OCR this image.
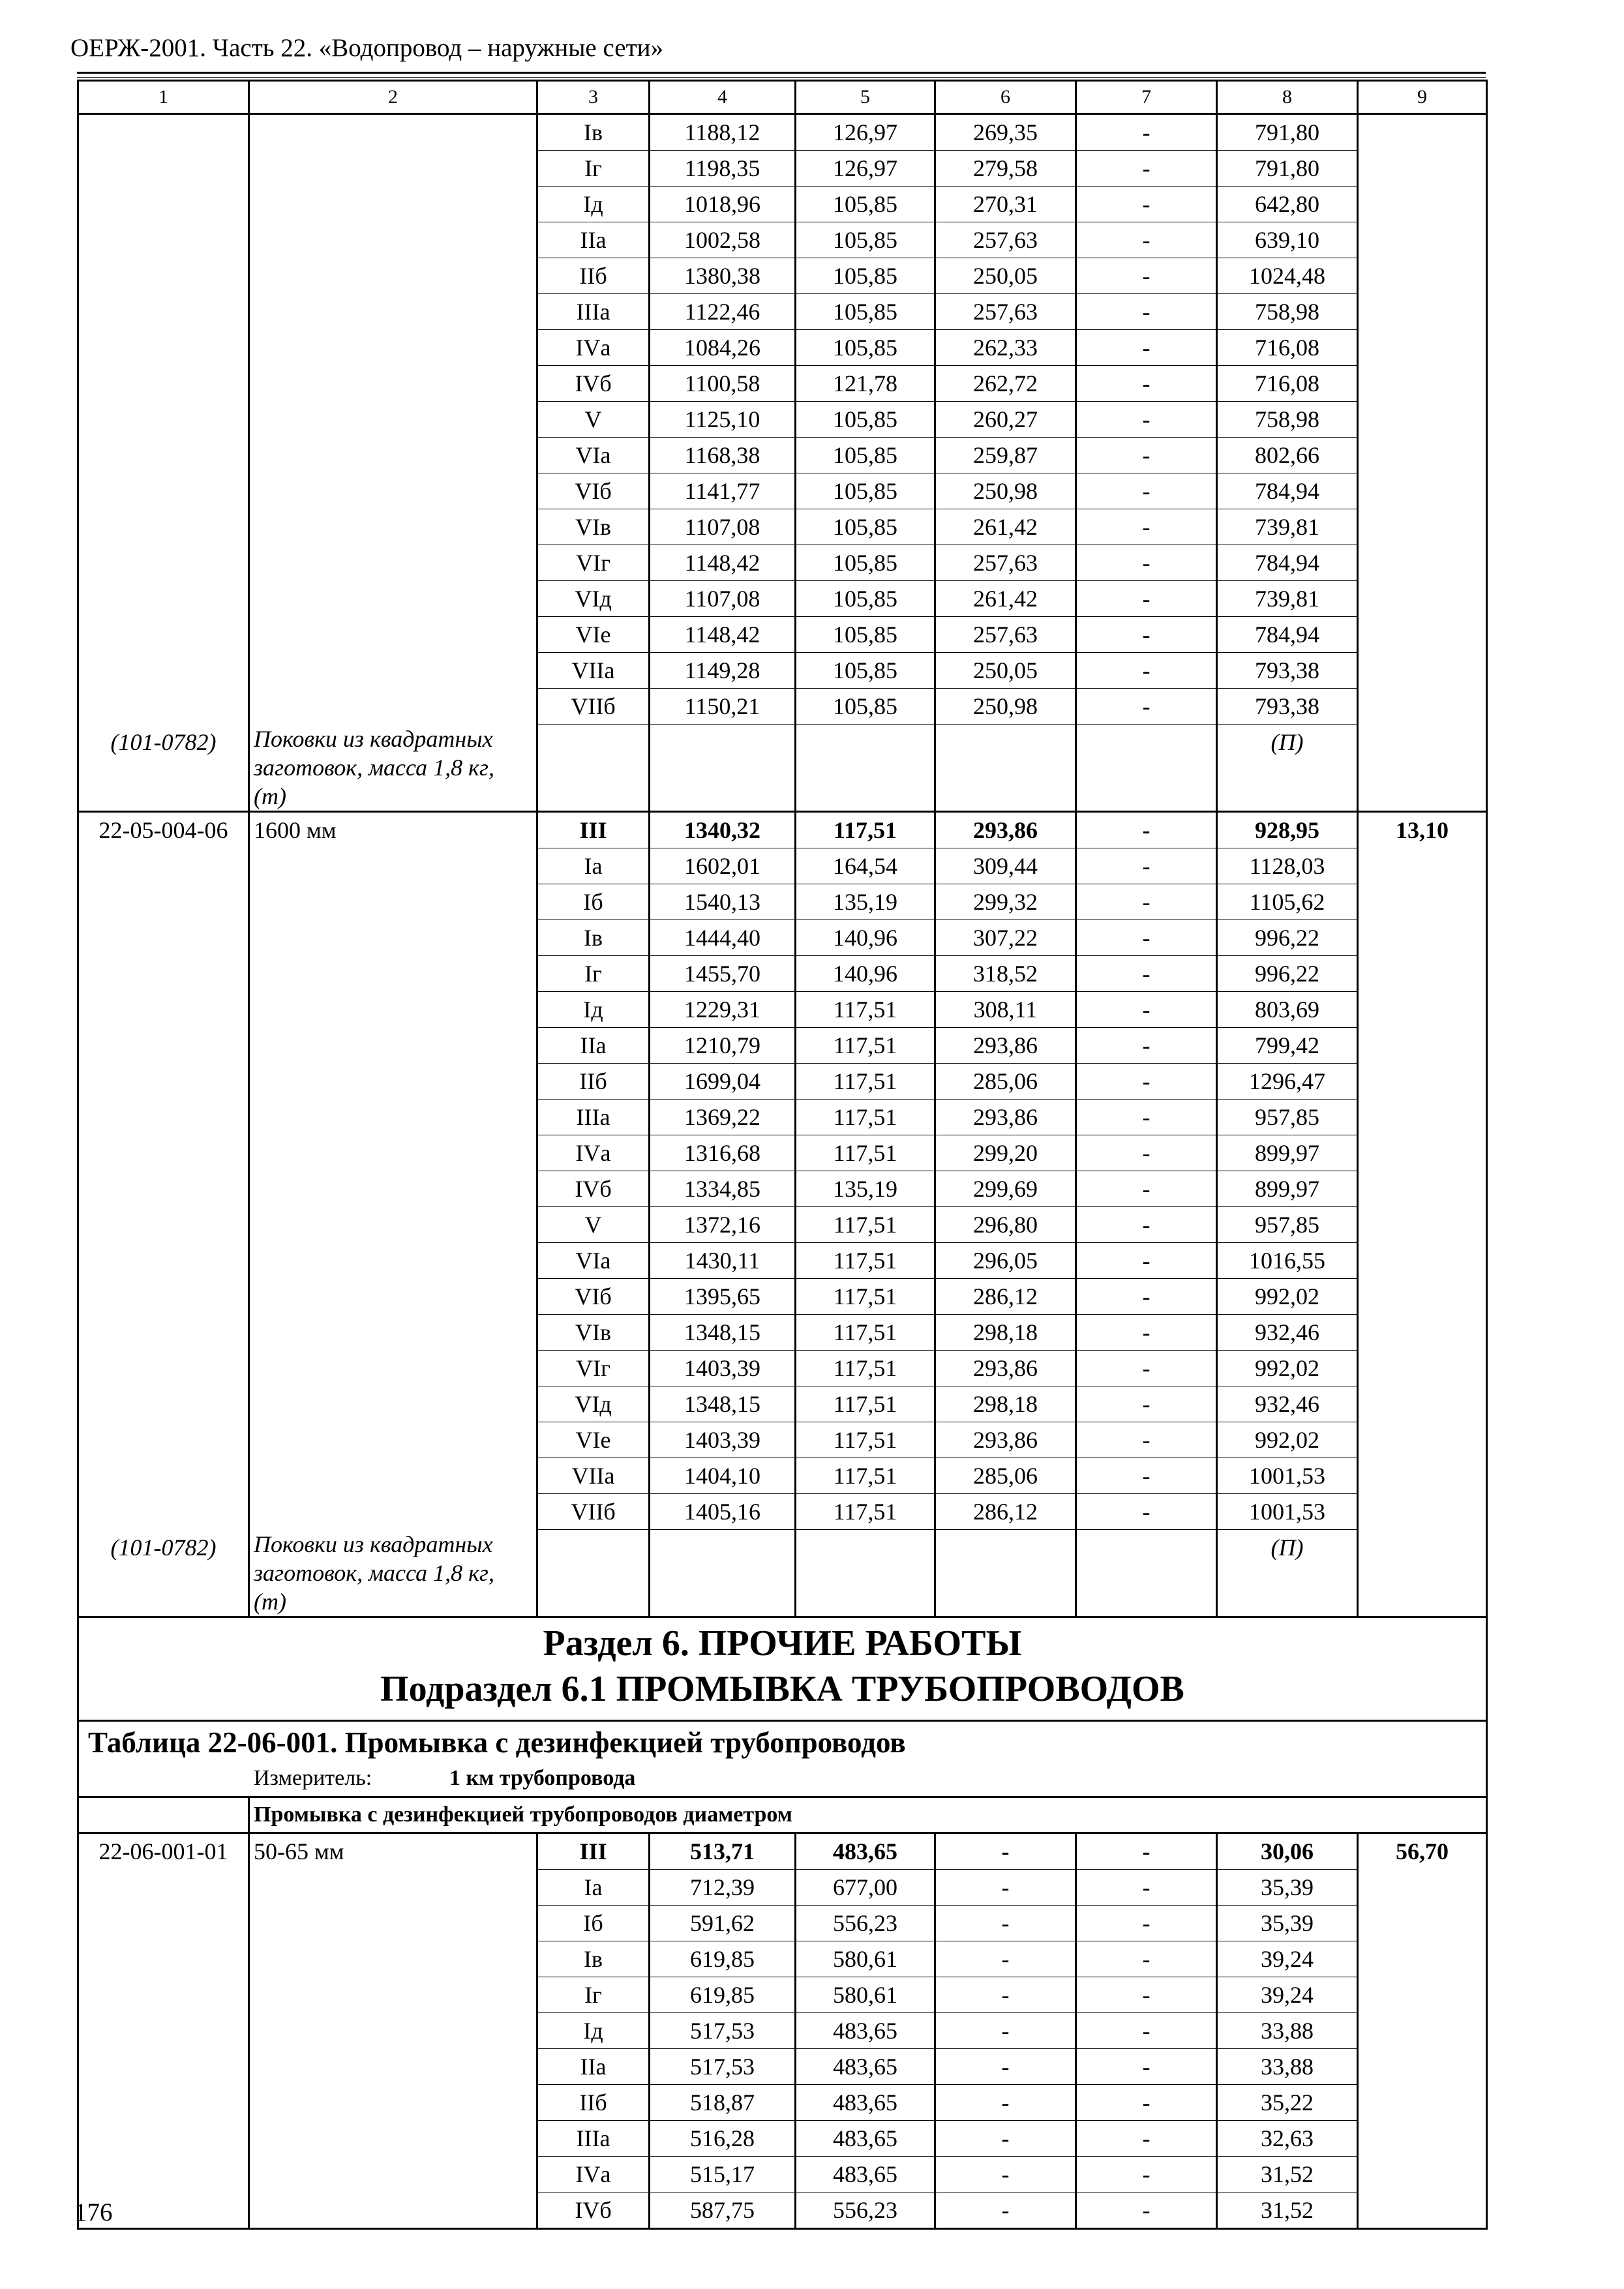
ОЕРЖ-2001. Часть 22. «Водопровод – наружные сети»
1	2	3	4	5	6	7	8	9
		Iв	1188,12	126,97	269,35	-	791,80	
		Iг	1198,35	126,97	279,58	-	791,80	
		Iд	1018,96	105,85	270,31	-	642,80	
		IIа	1002,58	105,85	257,63	-	639,10	
		IIб	1380,38	105,85	250,05	-	1024,48	
		IIIа	1122,46	105,85	257,63	-	758,98	
		IVа	1084,26	105,85	262,33	-	716,08	
		IVб	1100,58	121,78	262,72	-	716,08	
		V	1125,10	105,85	260,27	-	758,98	
		VIа	1168,38	105,85	259,87	-	802,66	
		VIб	1141,77	105,85	250,98	-	784,94	
		VIв	1107,08	105,85	261,42	-	739,81	
		VIг	1148,42	105,85	257,63	-	784,94	
		VIд	1107,08	105,85	261,42	-	739,81	
		VIе	1148,42	105,85	257,63	-	784,94	
		VIIа	1149,28	105,85	250,05	-	793,38	
		VIIб	1150,21	105,85	250,98	-	793,38	
(101-0782)	Поковки из квадратных заготовок, масса 1,8 кг, (т)						(П)	
22-05-004-06	1600 мм	III	1340,32	117,51	293,86	-	928,95	13,10
		Iа	1602,01	164,54	309,44	-	1128,03	
		Iб	1540,13	135,19	299,32	-	1105,62	
		Iв	1444,40	140,96	307,22	-	996,22	
		Iг	1455,70	140,96	318,52	-	996,22	
		Iд	1229,31	117,51	308,11	-	803,69	
		IIа	1210,79	117,51	293,86	-	799,42	
		IIб	1699,04	117,51	285,06	-	1296,47	
		IIIа	1369,22	117,51	293,86	-	957,85	
		IVа	1316,68	117,51	299,20	-	899,97	
		IVб	1334,85	135,19	299,69	-	899,97	
		V	1372,16	117,51	296,80	-	957,85	
		VIа	1430,11	117,51	296,05	-	1016,55	
		VIб	1395,65	117,51	286,12	-	992,02	
		VIв	1348,15	117,51	298,18	-	932,46	
		VIг	1403,39	117,51	293,86	-	992,02	
		VIд	1348,15	117,51	298,18	-	932,46	
		VIе	1403,39	117,51	293,86	-	992,02	
		VIIа	1404,10	117,51	285,06	-	1001,53	
		VIIб	1405,16	117,51	286,12	-	1001,53	
(101-0782)	Поковки из квадратных заготовок, масса 1,8 кг, (т)						(П)	

Раздел 6. ПРОЧИЕ РАБОТЫ
Подраздел 6.1 ПРОМЫВКА ТРУБОПРОВОДОВ								

Таблица 22-06-001. Промывка с дезинфекцией трубопроводов								
Измеритель: 1 км трубопровода								
	Промывка с дезинфекцией трубопроводов диаметром							
22-06-001-01	50-65 мм	III	513,71	483,65	-	-	30,06	56,70
		Iа	712,39	677,00	-	-	35,39	
		Iб	591,62	556,23	-	-	35,39	
		Iв	619,85	580,61	-	-	39,24	
		Iг	619,85	580,61	-	-	39,24	
		Iд	517,53	483,65	-	-	33,88	
		IIа	517,53	483,65	-	-	33,88	
		IIб	518,87	483,65	-	-	35,22	
		IIIа	516,28	483,65	-	-	32,63	
		IVа	515,17	483,65	-	-	31,52	
		IVб	587,75	556,23	-	-	31,52	
176
